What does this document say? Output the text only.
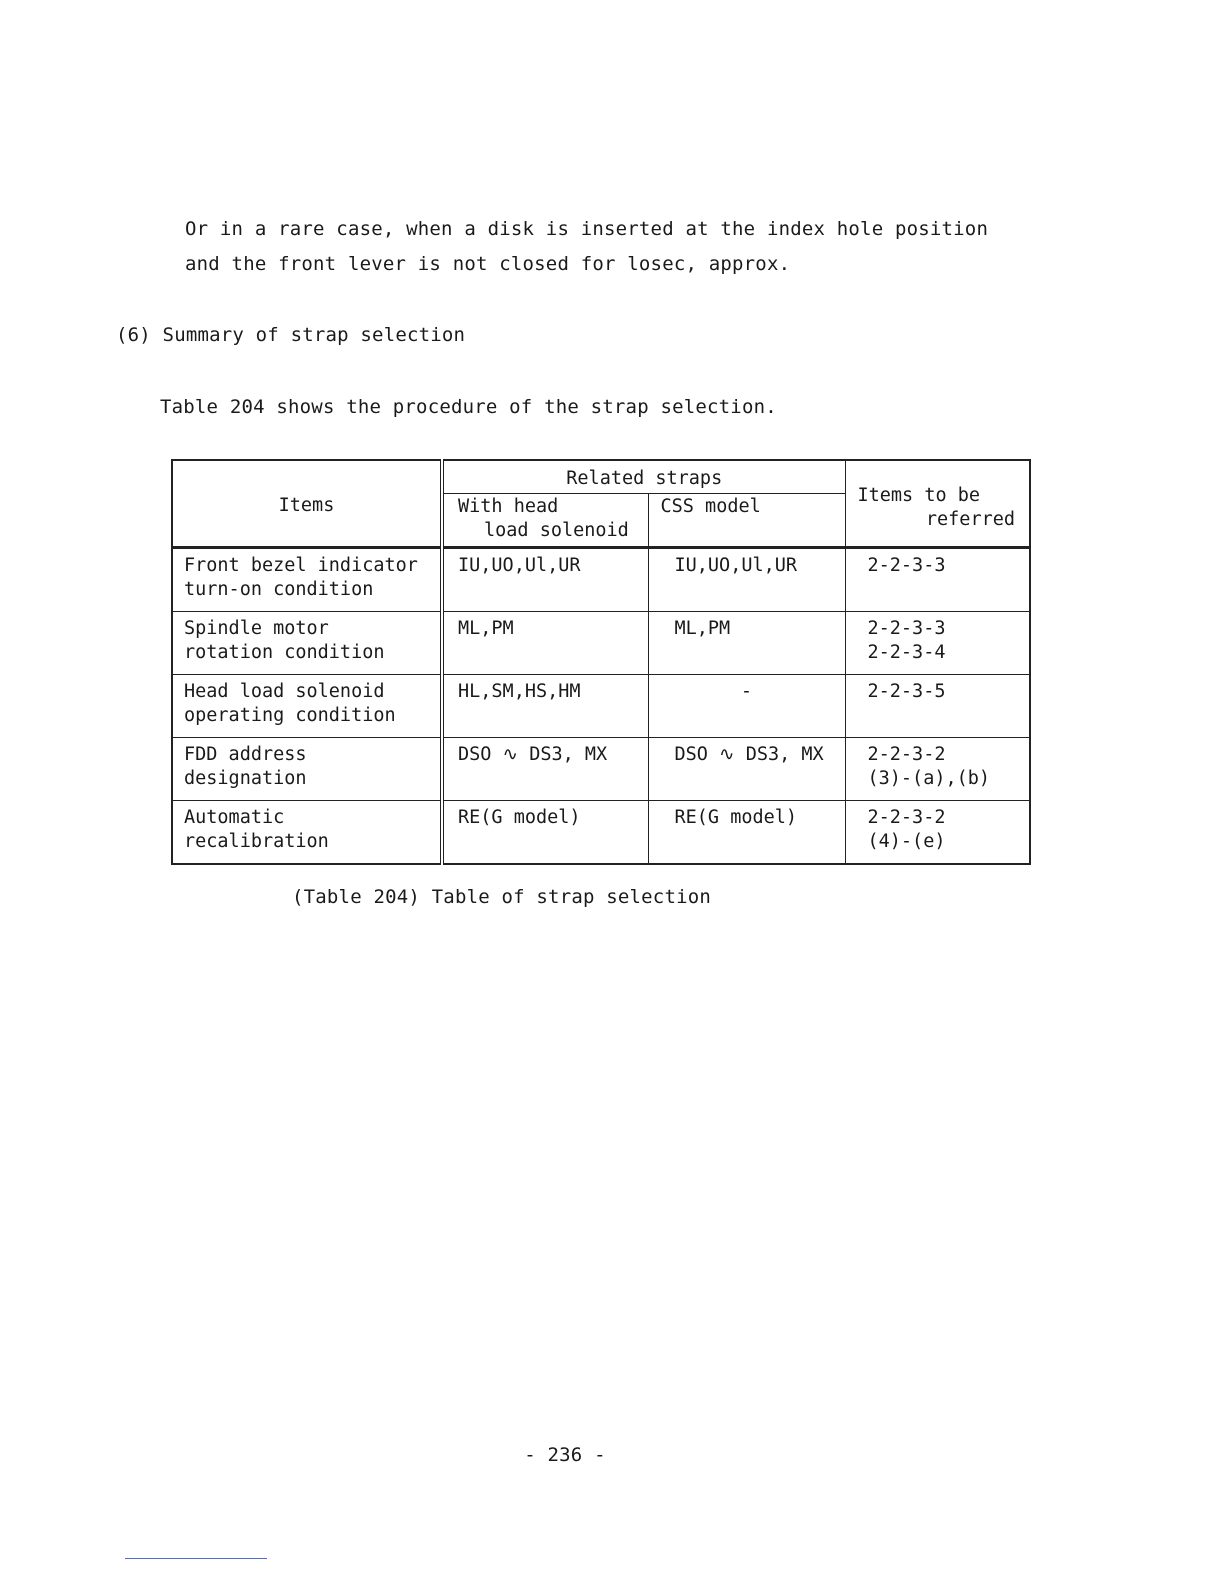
Or in a rare case, when a disk is inserted at the index hole position
and the front lever is not closed for losec, approx.
(6) Summary of strap selection
Table 204 shows the procedure of the strap selection.
Items	Related straps		Items to be
referred

	With head
load solenoid	CSS model	

Front bezel indicator
turn-on condition	IU,UO,Ul,UR	IU,UO,Ul,UR	2-2-3-3

Spindle motor
rotation condition	ML,PM	ML,PM	2-2-3-3
2-2-3-4

Head load solenoid
operating condition	HL,SM,HS,HM	-	2-2-3-5

FDD address
designation	DSO ∿ DS3, MX	DSO ∿ DS3, MX	2-2-3-2
(3)-(a),(b)

Automatic
recalibration	RE(G model)	RE(G model)	2-2-3-2
(4)-(e)
(Table 204) Table of strap selection
- 236 -
